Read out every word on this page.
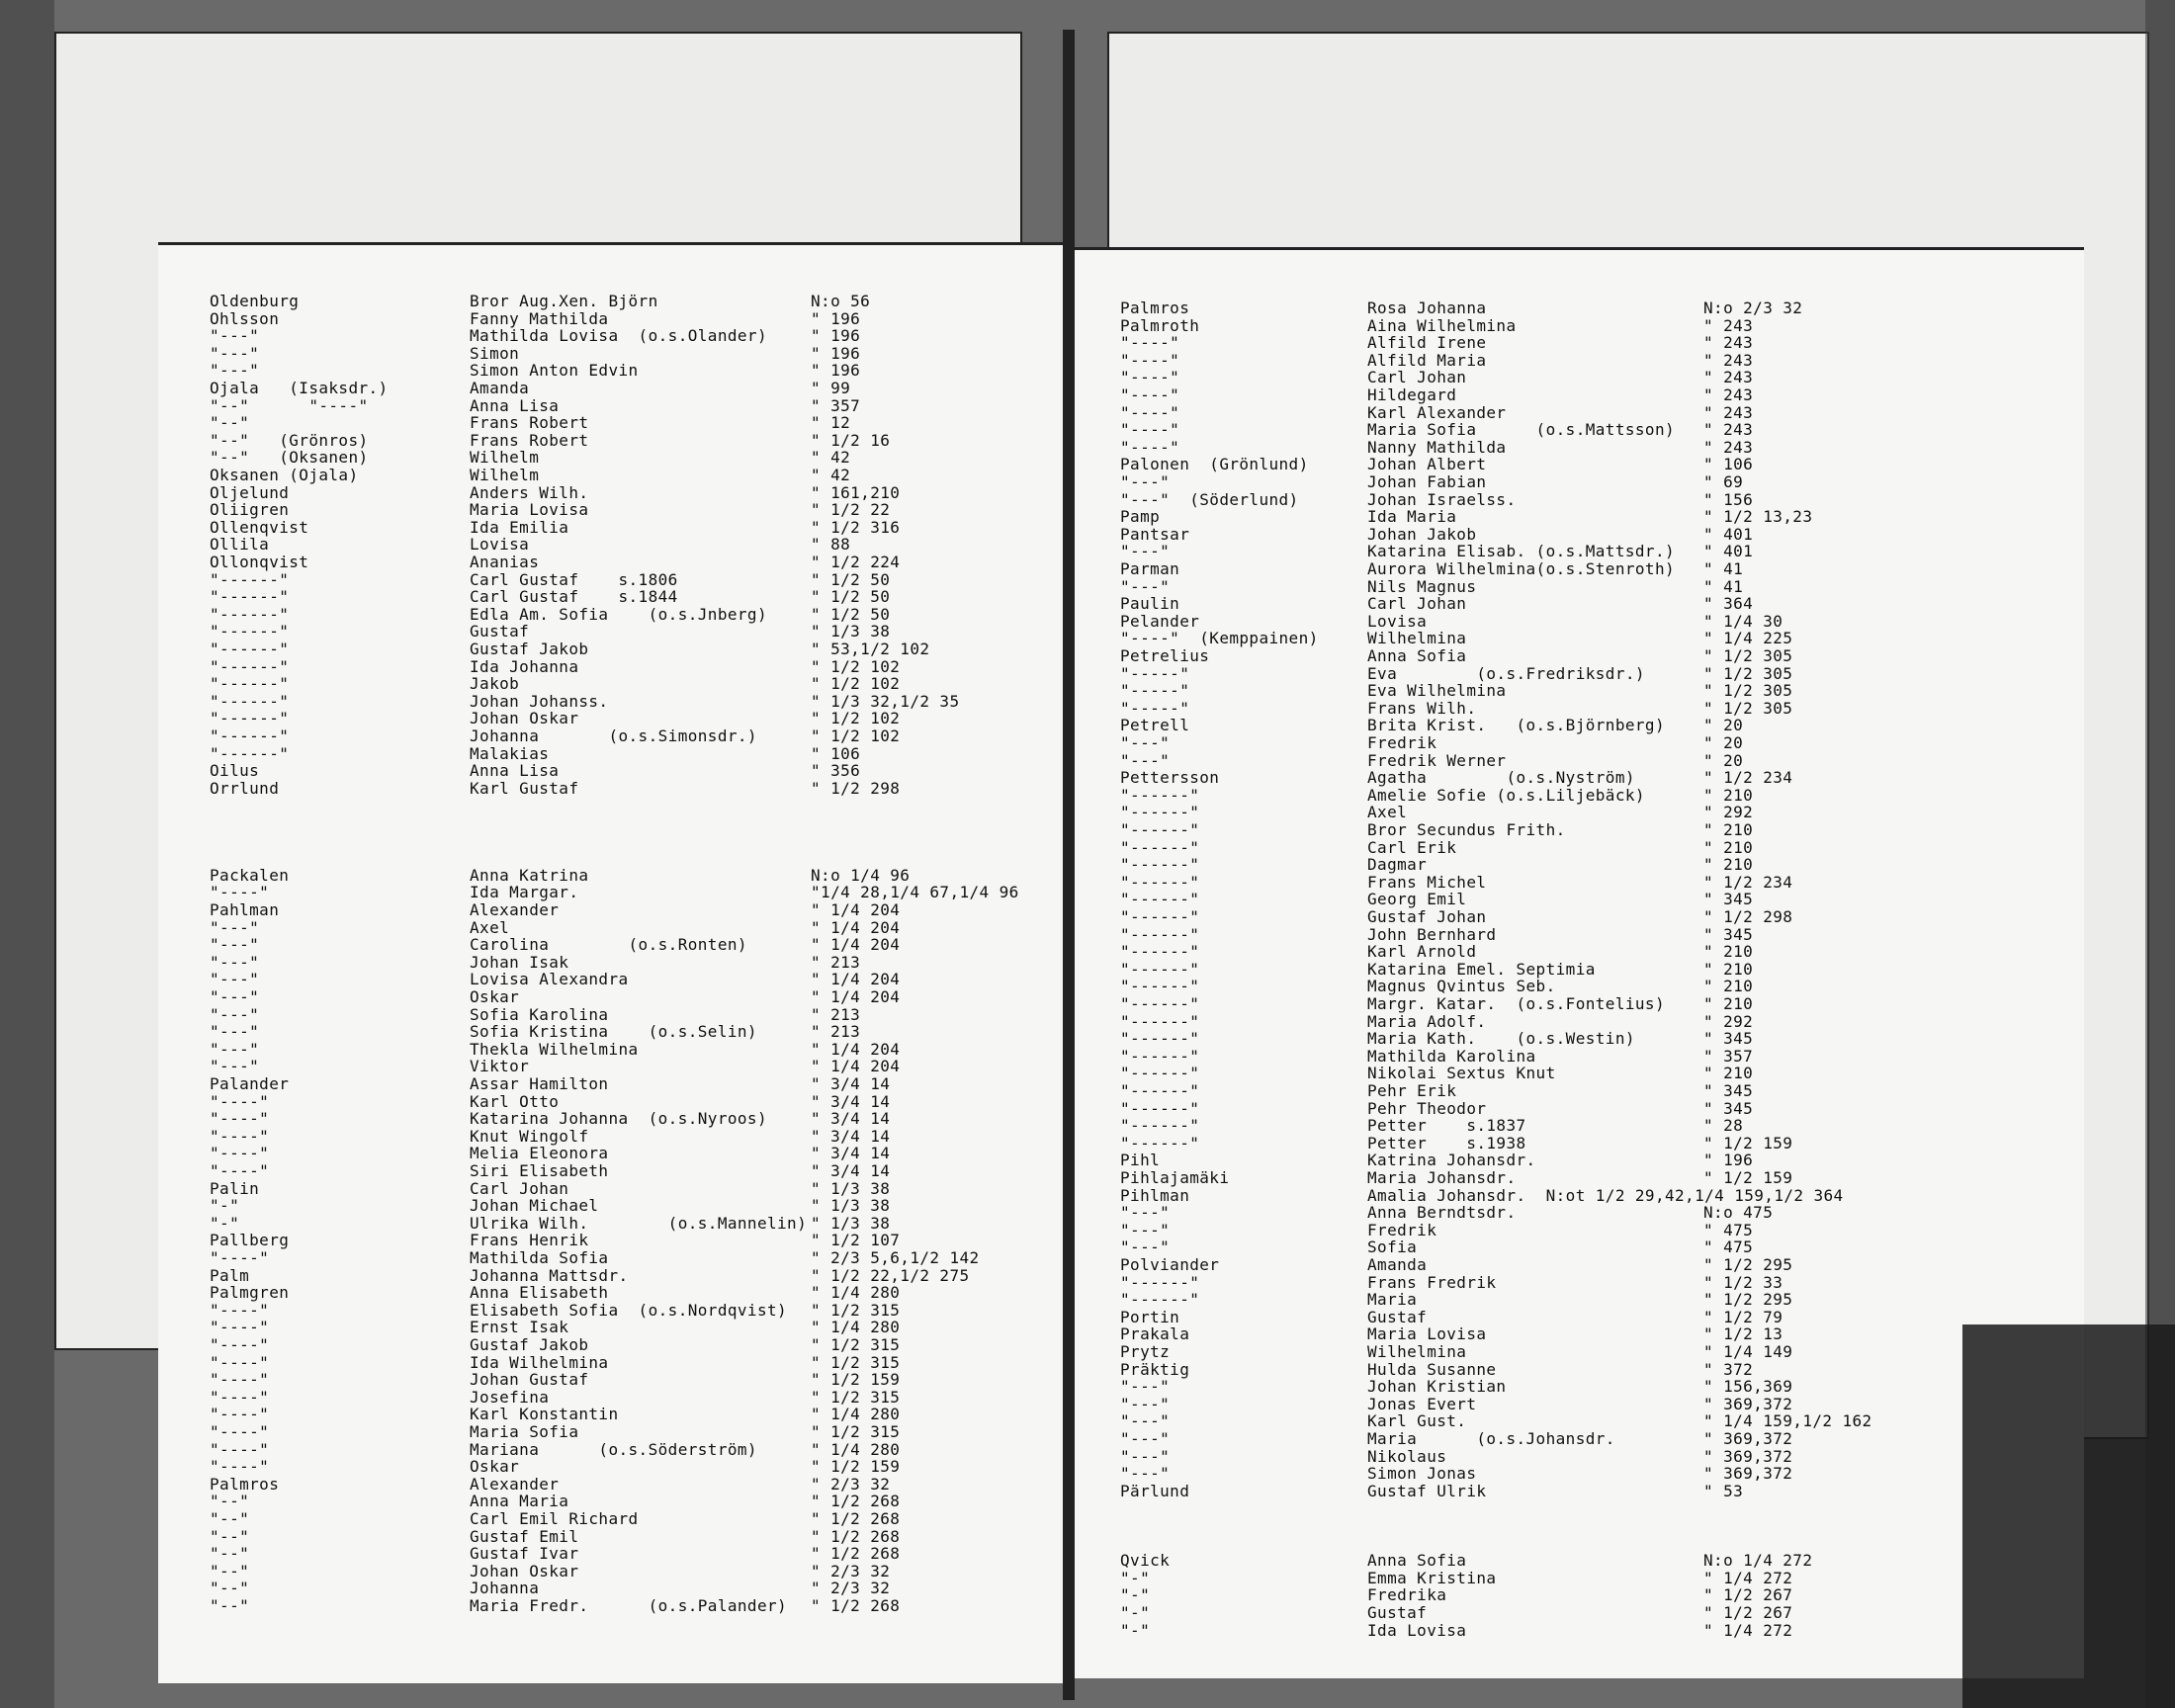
Oldenburg	Bror Aug.Xen. Björn	N:o 56
Ohlsson	Fanny Mathilda	" 196
"---"	Mathilda Lovisa  (o.s.Olander)	" 196
"---"	Simon	" 196
"---"	Simon Anton Edvin	" 196
Ojala   (Isaksdr.)	Amanda	" 99
"--"      "----"	Anna Lisa	" 357
"--"	Frans Robert	" 12
"--"   (Grönros)	Frans Robert	" 1/2 16
"--"   (Oksanen)	Wilhelm	" 42
Oksanen (Ojala)	Wilhelm	" 42
Oljelund	Anders Wilh.	" 161,210
Oliigren	Maria Lovisa	" 1/2 22
Ollenqvist	Ida Emilia	" 1/2 316
Ollila	Lovisa	" 88
Ollonqvist	Ananias	" 1/2 224
"------"	Carl Gustaf    s.1806	" 1/2 50
"------"	Carl Gustaf    s.1844	" 1/2 50
"------"	Edla Am. Sofia    (o.s.Jnberg)	" 1/2 50
"------"	Gustaf	" 1/3 38
"------"	Gustaf Jakob	" 53,1/2 102
"------"	Ida Johanna	" 1/2 102
"------"	Jakob	" 1/2 102
"------"	Johan Johanss.	" 1/3 32,1/2 35
"------"	Johan Oskar	" 1/2 102
"------"	Johanna       (o.s.Simonsdr.)	" 1/2 102
"------"	Malakias	" 106
Oilus	Anna Lisa	" 356
Orrlund	Karl Gustaf	" 1/2 298
Packalen	Anna Katrina	N:o 1/4 96
"----"	Ida Margar.	"1/4 28,1/4 67,1/4 96
Pahlman	Alexander	" 1/4 204
"---"	Axel	" 1/4 204
"---"	Carolina        (o.s.Ronten)	" 1/4 204
"---"	Johan Isak	" 213
"---"	Lovisa Alexandra	" 1/4 204
"---"	Oskar	" 1/4 204
"---"	Sofia Karolina	" 213
"---"	Sofia Kristina    (o.s.Selin)	" 213
"---"	Thekla Wilhelmina	" 1/4 204
"---"	Viktor	" 1/4 204
Palander	Assar Hamilton	" 3/4 14
"----"	Karl Otto	" 3/4 14
"----"	Katarina Johanna  (o.s.Nyroos)	" 3/4 14
"----"	Knut Wingolf	" 3/4 14
"----"	Melia Eleonora	" 3/4 14
"----"	Siri Elisabeth	" 3/4 14
Palin	Carl Johan	" 1/3 38
"-"	Johan Michael	" 1/3 38
"-"	Ulrika Wilh.        (o.s.Mannelin) " 1/3 38
Pallberg	Frans Henrik	" 1/2 107
"----"	Mathilda Sofia	" 2/3 5,6,1/2 142
Palm	Johanna Mattsdr.	" 1/2 22,1/2 275
Palmgren	Anna Elisabeth	" 1/4 280
"----"	Elisabeth Sofia  (o.s.Nordqvist) " 1/2 315
"----"	Ernst Isak	" 1/4 280
"----"	Gustaf Jakob	" 1/2 315
"----"	Ida Wilhelmina	" 1/2 315
"----"	Johan Gustaf	" 1/2 159
"----"	Josefina	" 1/2 315
"----"	Karl Konstantin	" 1/4 280
"----"	Maria Sofia	" 1/2 315
"----"	Mariana      (o.s.Söderström)	" 1/4 280
"----"	Oskar	" 1/2 159
Palmros	Alexander	" 2/3 32
"--"	Anna Maria	" 1/2 268
"--"	Carl Emil Richard	" 1/2 268
"--"	Gustaf Emil	" 1/2 268
"--"	Gustaf Ivar	" 1/2 268
"--"	Johan Oskar	" 2/3 32
"--"	Johanna	" 2/3 32
"--"	Maria Fredr.      (o.s.Palander) " 1/2 268
Palmros	Rosa Johanna	N:o 2/3 32
Palmroth	Aina Wilhelmina	" 243
"----"	Alfild Irene	" 243
"----"	Alfild Maria	" 243
"----"	Carl Johan	" 243
"----"	Hildegard	" 243
"----"	Karl Alexander	" 243
"----"	Maria Sofia      (o.s.Mattsson) " 243
"----"	Nanny Mathilda	" 243
Palonen  (Grönlund)	Johan Albert	" 106
"---"	Johan Fabian	" 69
"---"  (Söderlund)	Johan Israelss.	" 156
Pamp	Ida Maria	" 1/2 13,23
Pantsar	Johan Jakob	" 401
"---"	Katarina Elisab. (o.s.Mattsdr.) " 401
Parman	Aurora Wilhelmina(o.s.Stenroth) " 41
"---"	Nils Magnus	" 41
Paulin	Carl Johan	" 364
Pelander	Lovisa	" 1/4 30
"----"  (Kemppainen)	Wilhelmina	" 1/4 225
Petrelius	Anna Sofia	" 1/2 305
"-----"	Eva        (o.s.Fredriksdr.)	" 1/2 305
"-----"	Eva Wilhelmina	" 1/2 305
"-----"	Frans Wilh.	" 1/2 305
Petrell	Brita Krist.   (o.s.Björnberg) " 20
"---"	Fredrik	" 20
"---"	Fredrik Werner	" 20
Pettersson	Agatha        (o.s.Nyström)	" 1/2 234
"------"	Amelie Sofie (o.s.Liljebäck)	" 210
"------"	Axel	" 292
"------"	Bror Secundus Frith.	" 210
"------"	Carl Erik	" 210
"------"	Dagmar	" 210
"------"	Frans Michel	" 1/2 234
"------"	Georg Emil	" 345
"------"	Gustaf Johan	" 1/2 298
"------"	John Bernhard	" 345
"------"	Karl Arnold	" 210
"------"	Katarina Emel. Septimia	" 210
"------"	Magnus Qvintus Seb.	" 210
"------"	Margr. Katar.  (o.s.Fontelius) " 210
"------"	Maria Adolf.	" 292
"------"	Maria Kath.    (o.s.Westin)	" 345
"------"	Mathilda Karolina	" 357
"------"	Nikolai Sextus Knut	" 210
"------"	Pehr Erik	" 345
"------"	Pehr Theodor	" 345
"------"	Petter    s.1837	" 28
"------"	Petter    s.1938	" 1/2 159
Pihl	Katrina Johansdr.	" 196
Pihlajamäki	Maria Johansdr.	" 1/2 159
Pihlman	Amalia Johansdr.  N:ot 1/2 29,42,1/4 159,1/2 364
"---"	Anna Berndtsdr.	N:o 475
"---"	Fredrik	" 475
"---"	Sofia	" 475
Polviander	Amanda	" 1/2 295
"------"	Frans Fredrik	" 1/2 33
"------"	Maria	" 1/2 295
Portin	Gustaf	" 1/2 79
Prakala	Maria Lovisa	" 1/2 13
Prytz	Wilhelmina	" 1/4 149
Präktig	Hulda Susanne	" 372
"---"	Johan Kristian	" 156,369
"---"	Jonas Evert	" 369,372
"---"	Karl Gust.	" 1/4 159,1/2 162
"---"	Maria      (o.s.Johansdr.	" 369,372
"---"	Nikolaus	" 369,372
"---"	Simon Jonas	" 369,372
Pärlund	Gustaf Ulrik	" 53
Qvick	Anna Sofia	N:o 1/4 272
"-"	Emma Kristina	" 1/4 272
"-"	Fredrika	" 1/2 267
"-"	Gustaf	" 1/2 267
"-"	Ida Lovisa	" 1/4 272
